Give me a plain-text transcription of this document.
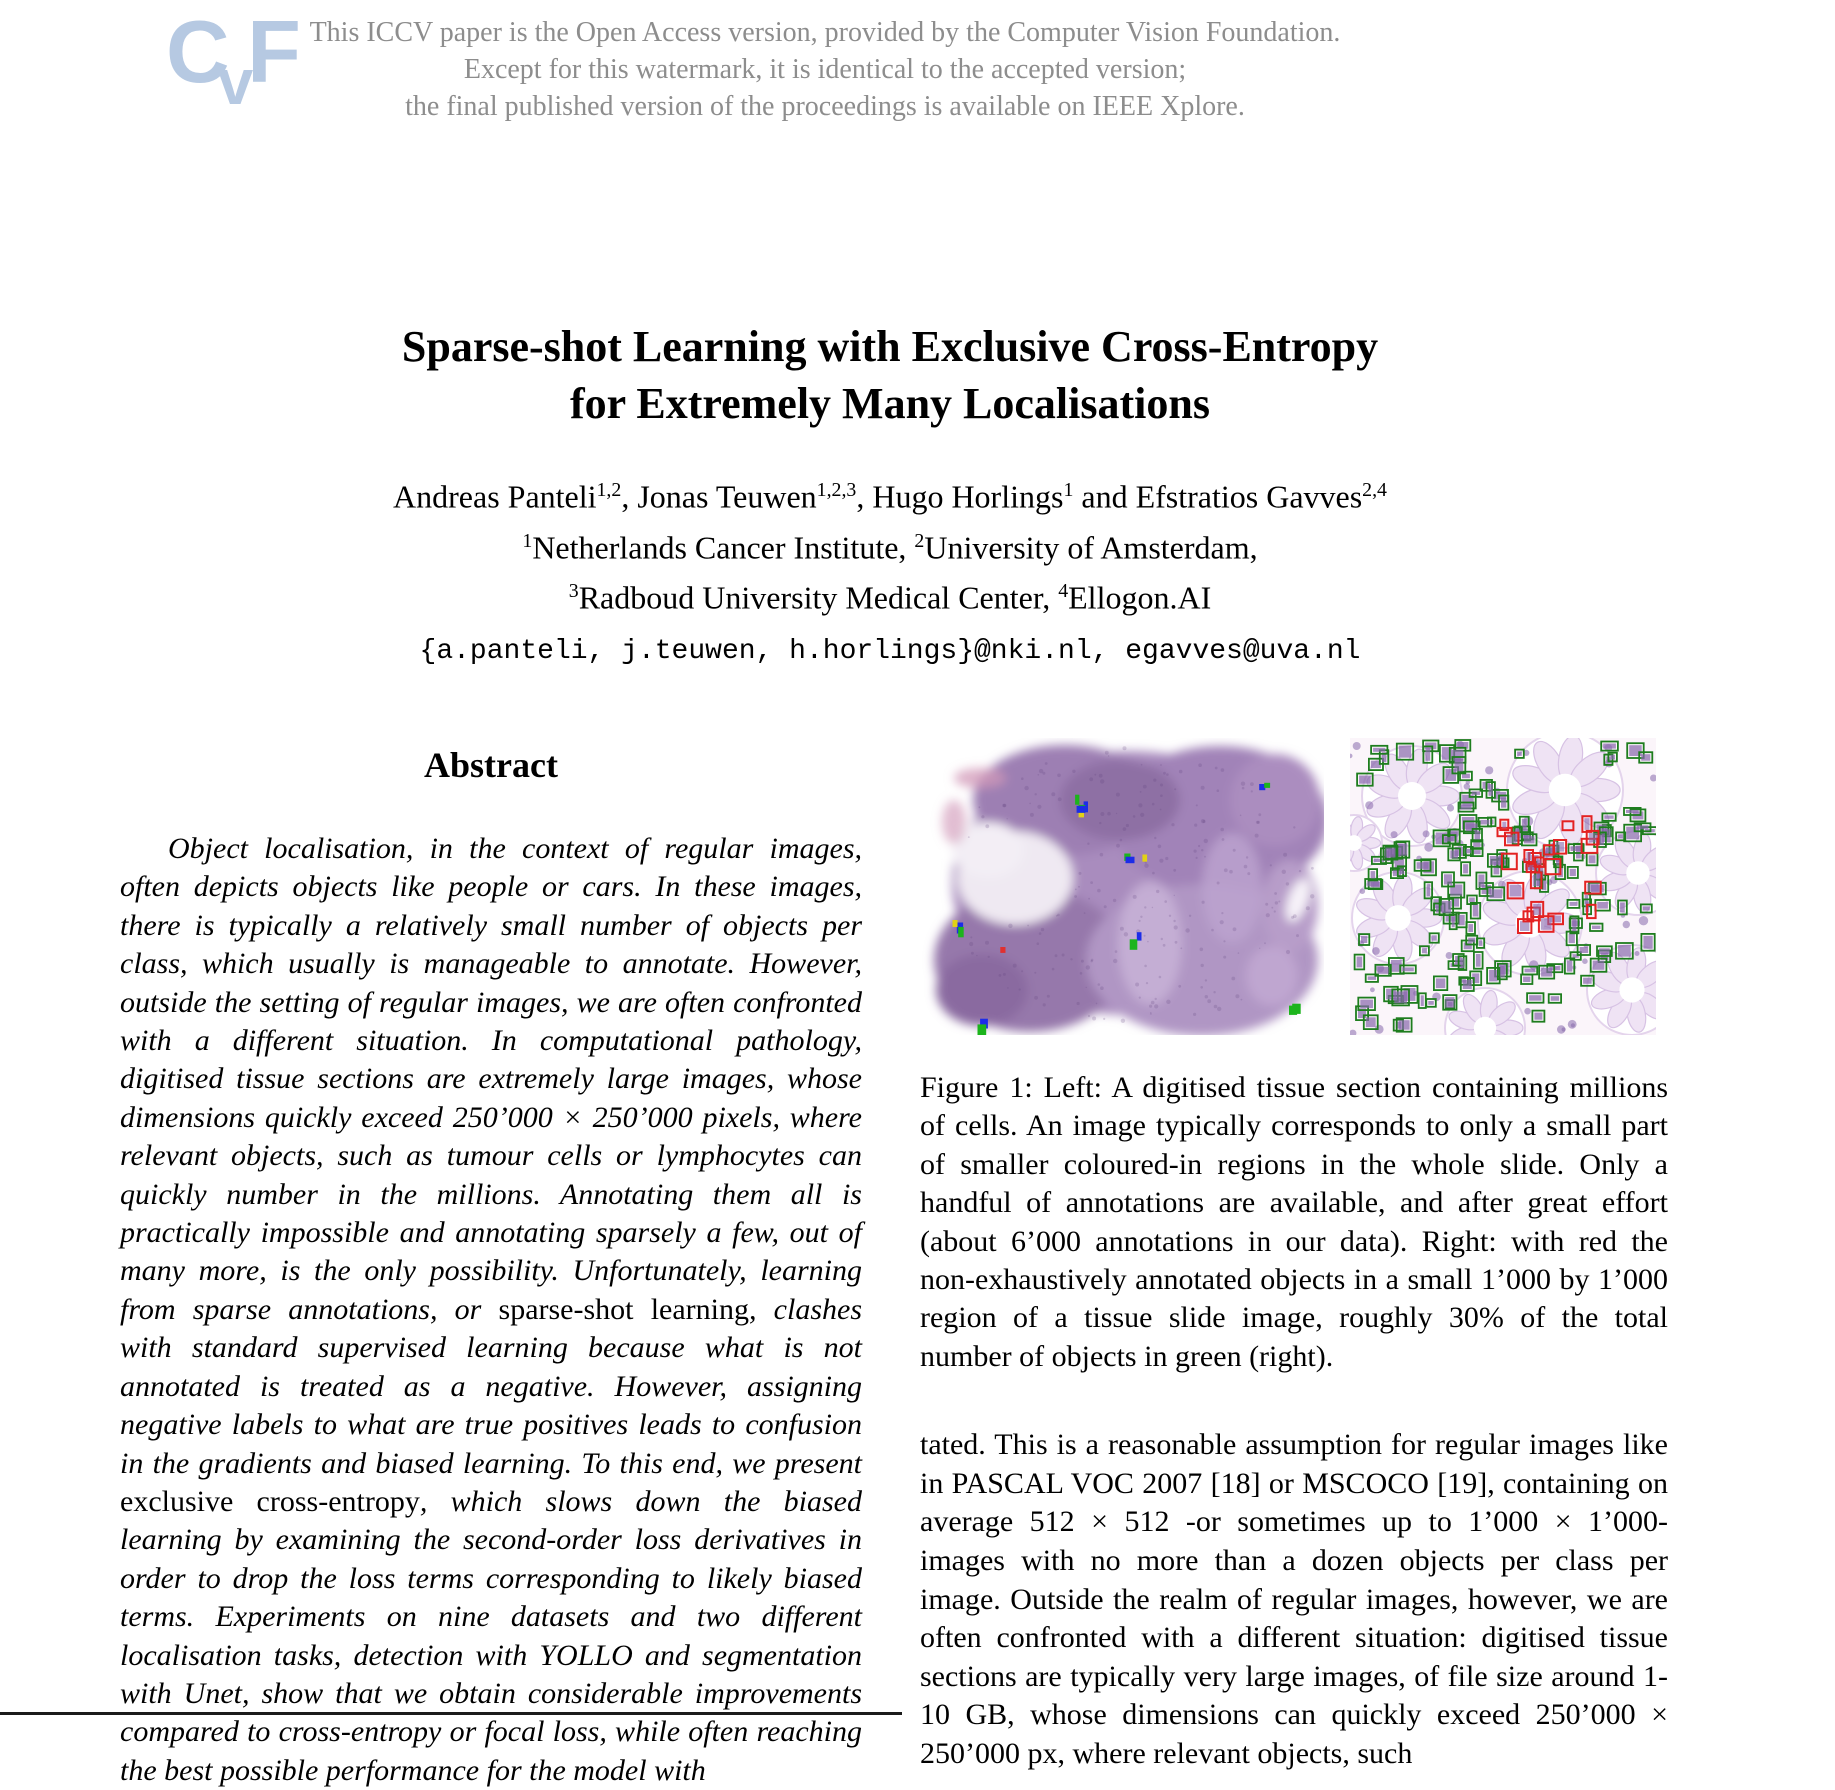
This ICCV paper is the Open Access version, provided by the Computer Vision Foundation.
Except for this watermark, it is identical to the accepted version;
the final published version of the proceedings is available on IEEE Xplore.
CvF
Sparse-shot Learning with Exclusive Cross-Entropy
for Extremely Many Localisations
Andreas Panteli$^{1,2}$, Jonas Teuwen$^{1,2,3}$, Hugo Horlings$^1$ and Efstratios Gavves$^{2,4}$
$^1$Netherlands Cancer Institute, $^2$University of Amsterdam,
$^3$Radboud University Medical Center, $^4$Ellogon.AI
{a.panteli, j.teuwen, h.horlings}@nki.nl, egavves@uva.nl
Abstract

Object localisation, in the context of regular images, often depicts objects like people or cars. In these images, there is typically a relatively small number of objects per class, which usually is manageable to annotate. However, outside the setting of regular images, we are often confronted with a different situation. In computational pathology, digitised tissue sections are extremely large images, whose dimensions quickly exceed 250’000 × 250’000 pixels, where relevant objects, such as tumour cells or lymphocytes can quickly number in the millions. Annotating them all is practically impossible and annotating sparsely a few, out of many more, is the only possibility. Unfortunately, learning from sparse annotations, or sparse-shot learning, clashes with standard supervised learning because what is not annotated is treated as a negative. However, assigning negative labels to what are true positives leads to confusion in the gradients and biased learning. To this end, we present exclusive cross-entropy, which slows down the biased learning by examining the second-order loss derivatives in order to drop the loss terms corresponding to likely biased terms. Experiments on nine datasets and two different localisation tasks, detection with YOLLO and segmentation with Unet, show that we obtain considerable improvements compared to cross-entropy or focal loss, while often reaching the best possible performance for the model with

Figure 1: Left: A digitised tissue section containing millions of cells. An image typically corresponds to only a small part of smaller coloured-in regions in the whole slide. Only a handful of annotations are available, and after great effort (about 6’000 annotations in our data). Right: with red the non-exhaustively annotated objects in a small 1’000 by 1’000 region of a tissue slide image, roughly 30% of the total number of objects in green (right).
tated. This is a reasonable assumption for regular images like in PASCAL VOC 2007 [18] or MSCOCO [19], containing on average 512 × 512 -or sometimes up to 1’000 × 1’000- images with no more than a dozen objects per class per image. Outside the realm of regular images, however, we are often confronted with a different situation: digitised tissue sections are typically very large images, of file size around 1-10 GB, whose dimensions can quickly exceed 250’000 × 250’000 px, where relevant objects, such
